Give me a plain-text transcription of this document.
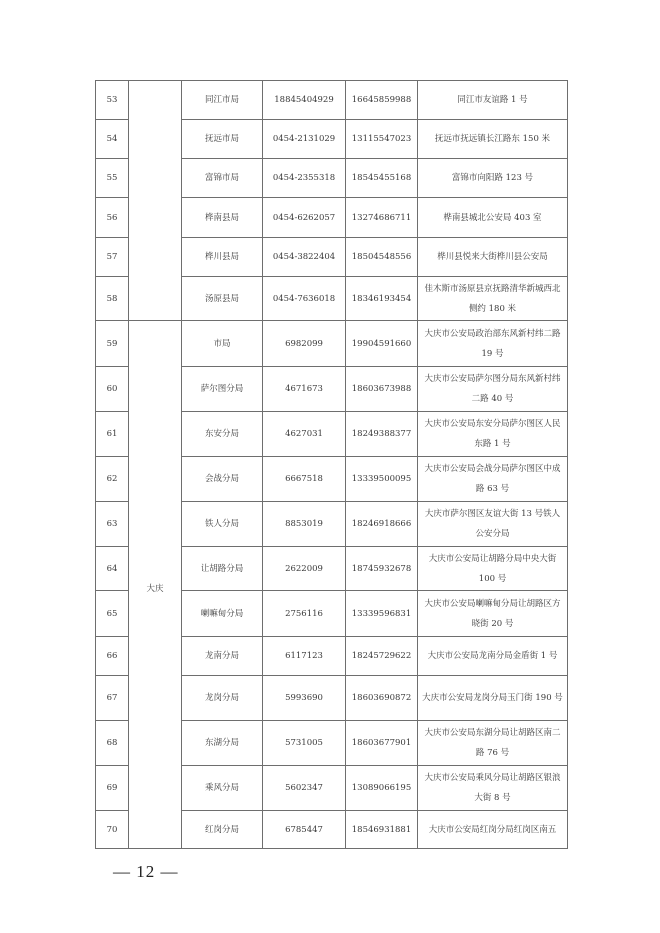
53		同江市局	18845404929	16645859988	同江市友谊路 1 号
54		抚远市局	0454-2131029	13115547023	抚远市抚远镇长江路东 150 米
55		富锦市局	0454-2355318	18545455168	富锦市向阳路 123 号
56		桦南县局	0454-6262057	13274686711	桦南县城北公安局 403 室
57		桦川县局	0454-3822404	18504548556	桦川县悦来大街桦川县公安局
58		汤原县局	0454-7636018	18346193454	佳木斯市汤原县京抚路清华新城西北侧约 180 米
59	大庆	市局	6982099	19904591660	大庆市公安局政治部东风新村纬二路 19 号
60		萨尔图分局	4671673	18603673988	大庆市公安局萨尔图分局东风新村纬二路 40 号
61		东安分局	4627031	18249388377	大庆市公安局东安分局萨尔图区人民东路 1 号
62		会战分局	6667518	13339500095	大庆市公安局会战分局萨尔图区中成路 63 号
63		铁人分局	8853019	18246918666	大庆市萨尔图区友谊大街 13 号铁人公安分局
64		让胡路分局	2622009	18745932678	大庆市公安局让胡路分局中央大街 100 号
65		喇嘛甸分局	2756116	13339596831	大庆市公安局喇嘛甸分局让胡路区方晓街 20 号
66		龙南分局	6117123	18245729622	大庆市公安局龙南分局金盾街 1 号
67		龙岗分局	5993690	18603690872	大庆市公安局龙岗分局玉门街 190 号
68		东湖分局	5731005	18603677901	大庆市公安局东湖分局让胡路区南二路 76 号
69		乘风分局	5602347	13089066195	大庆市公安局乘风分局让胡路区银浪大街 8 号
70		红岗分局	6785447	18546931881	大庆市公安局红岗分局红岗区南五
— 12 —
